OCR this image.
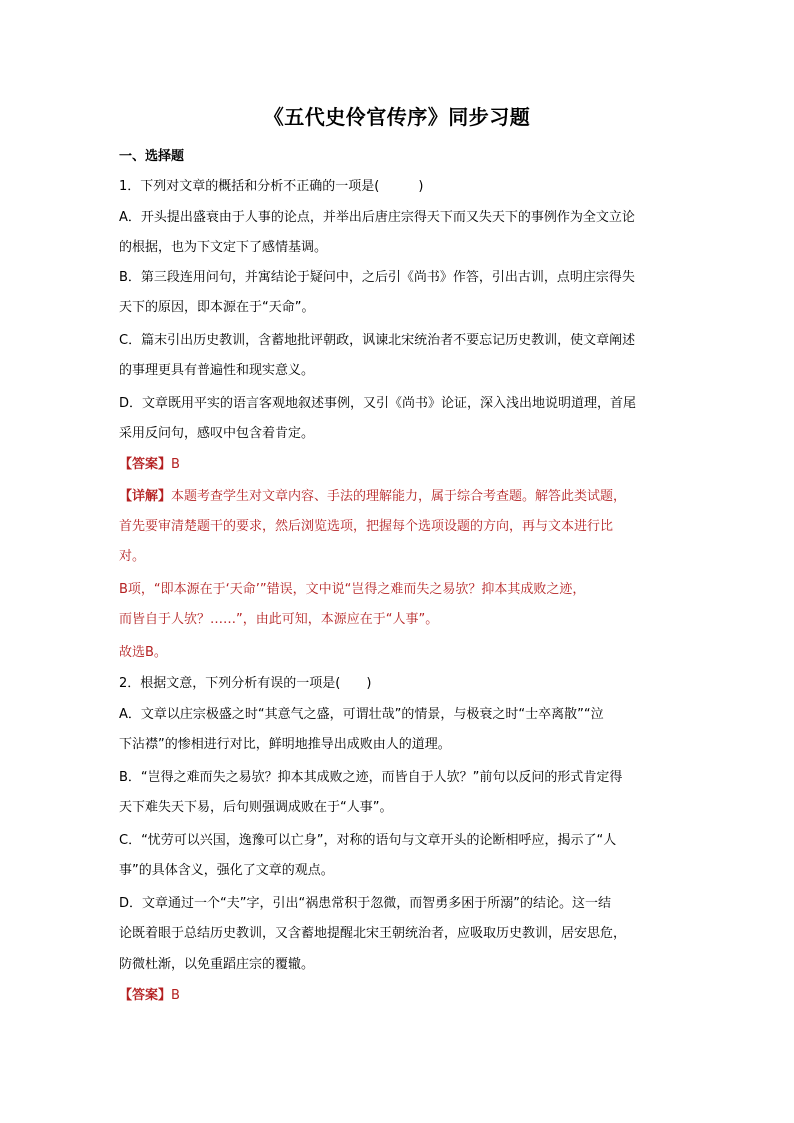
《五代史伶官传序》同步习题
一、选择题
1．下列对文章的概括和分析不正确的一项是(　　　)
A．开头提出盛衰由于人事的论点，并举出后唐庄宗得天下而又失天下的事例作为全文立论
的根据，也为下文定下了感情基调。
B．第三段连用问句，并寓结论于疑问中，之后引《尚书》作答，引出古训，点明庄宗得失
天下的原因，即本源在于“天命”。
C．篇末引出历史教训，含蓄地批评朝政，讽谏北宋统治者不要忘记历史教训，使文章阐述
的事理更具有普遍性和现实意义。
D．文章既用平实的语言客观地叙述事例，又引《尚书》论证，深入浅出地说明道理，首尾
采用反问句，感叹中包含着肯定。
【答案】B
【详解】本题考查学生对文章内容、手法的理解能力，属于综合考查题。解答此类试题，
首先要审清楚题干的要求，然后浏览选项，把握每个选项设题的方向，再与文本进行比
对。
B项，“即本源在于‘天命’”错误，文中说“岂得之难而失之易欤？抑本其成败之迹，
而皆自于人欤？……”，由此可知，本源应在于“人事”。
故选B。
2．根据文意，下列分析有误的一项是(　　)
A．文章以庄宗极盛之时“其意气之盛，可谓壮哉”的情景，与极衰之时“士卒离散”“泣
下沾襟”的惨相进行对比，鲜明地推导出成败由人的道理。
B．“岂得之难而失之易欤？抑本其成败之迹，而皆自于人欤？”前句以反问的形式肯定得
天下难失天下易，后句则强调成败在于“人事”。
C．“忧劳可以兴国，逸豫可以亡身”，对称的语句与文章开头的论断相呼应，揭示了“人
事”的具体含义，强化了文章的观点。
D．文章通过一个“夫”字，引出“祸患常积于忽微，而智勇多困于所溺”的结论。这一结
论既着眼于总结历史教训，又含蓄地提醒北宋王朝统治者，应吸取历史教训，居安思危，
防微杜渐，以免重蹈庄宗的覆辙。
【答案】B
